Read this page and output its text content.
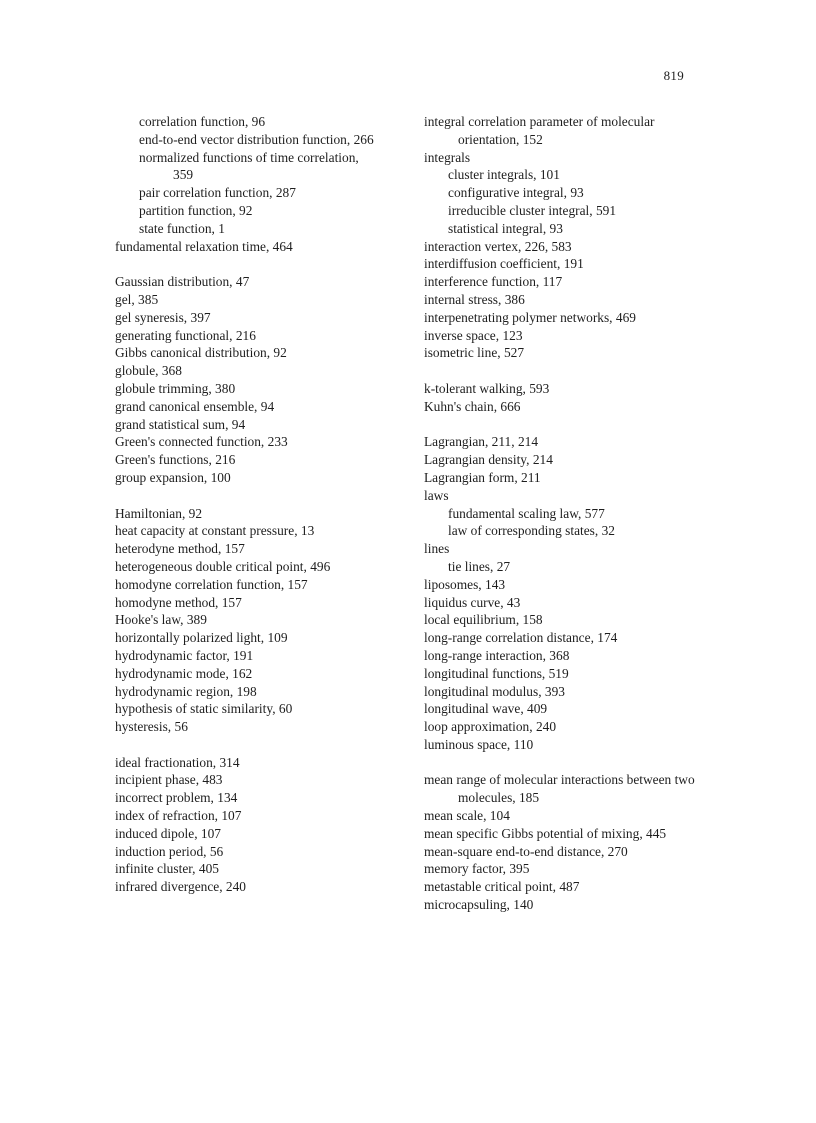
819
correlation function, 96
end-to-end vector distribution function, 266
normalized functions of time correlation, 359
pair correlation function, 287
partition function, 92
state function, 1
fundamental relaxation time, 464
Gaussian distribution, 47
gel, 385
gel syneresis, 397
generating functional, 216
Gibbs canonical distribution, 92
globule, 368
globule trimming, 380
grand canonical ensemble, 94
grand statistical sum, 94
Green's connected function, 233
Green's functions, 216
group expansion, 100
Hamiltonian, 92
heat capacity at constant pressure, 13
heterodyne method, 157
heterogeneous double critical point, 496
homodyne correlation function, 157
homodyne method, 157
Hooke's law, 389
horizontally polarized light, 109
hydrodynamic factor, 191
hydrodynamic mode, 162
hydrodynamic region, 198
hypothesis of static similarity, 60
hysteresis, 56
ideal fractionation, 314
incipient phase, 483
incorrect problem, 134
index of refraction, 107
induced dipole, 107
induction period, 56
infinite cluster, 405
infrared divergence, 240
integral correlation parameter of molecular orientation, 152
integrals
cluster integrals, 101
configurative integral, 93
irreducible cluster integral, 591
statistical integral, 93
interaction vertex, 226, 583
interdiffusion coefficient, 191
interference function, 117
internal stress, 386
interpenetrating polymer networks, 469
inverse space, 123
isometric line, 527
k-tolerant walking, 593
Kuhn's chain, 666
Lagrangian, 211, 214
Lagrangian density, 214
Lagrangian form, 211
laws
fundamental scaling law, 577
law of corresponding states, 32
lines
tie lines, 27
liposomes, 143
liquidus curve, 43
local equilibrium, 158
long-range correlation distance, 174
long-range interaction, 368
longitudinal functions, 519
longitudinal modulus, 393
longitudinal wave, 409
loop approximation, 240
luminous space, 110
mean range of molecular interactions between two molecules, 185
mean scale, 104
mean specific Gibbs potential of mixing, 445
mean-square end-to-end distance, 270
memory factor, 395
metastable critical point, 487
microcapsuling, 140
